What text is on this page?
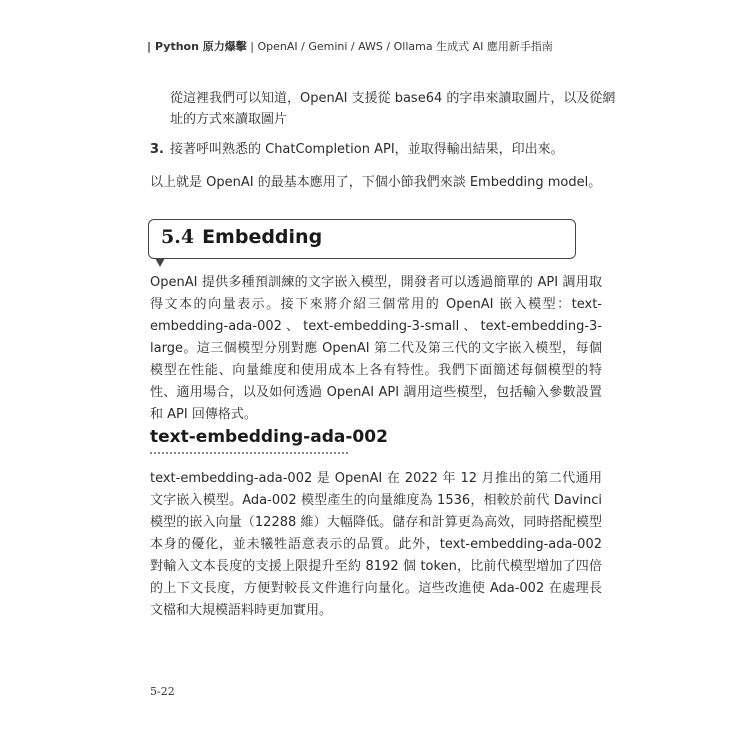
| Python 原力爆擊 | OpenAI / Gemini / AWS / Ollama 生成式 AI 應用新手指南
從這裡我們可以知道，OpenAI 支援從 base64 的字串來讀取圖片，以及從網址的方式來讀取圖片
3. 接著呼叫熟悉的 ChatCompletion API，並取得輸出結果，印出來。
以上就是 OpenAI 的最基本應用了，下個小節我們來談 Embedding model。
5.4 Embedding
OpenAI 提供多種預訓練的文字嵌入模型，開發者可以透過簡單的 API 調用取得文本的向量表示。接下來將介紹三個常用的 OpenAI 嵌入模型：text-embedding-ada-002、text-embedding-3-small、text-embedding-3-large。這三個模型分別對應 OpenAI 第二代及第三代的文字嵌入模型，每個模型在性能、向量維度和使用成本上各有特性。我們下面簡述每個模型的特性、適用場合，以及如何透過 OpenAI API 調用這些模型，包括輸入參數設置和 API 回傳格式。
text-embedding-ada-002
text-embedding-ada-002 是 OpenAI 在 2022 年 12 月推出的第二代通用文字嵌入模型。Ada-002 模型產生的向量維度為 1536，相較於前代 Davinci 模型的嵌入向量（12288 維）大幅降低。儲存和計算更為高效，同時搭配模型本身的優化，並未犧牲語意表示的品質。此外，text-embedding-ada-002 對輸入文本長度的支援上限提升至約 8192 個 token，比前代模型增加了四倍的上下文長度，方便對較長文件進行向量化。這些改進使 Ada-002 在處理長文檔和大規模語料時更加實用。
5-22
